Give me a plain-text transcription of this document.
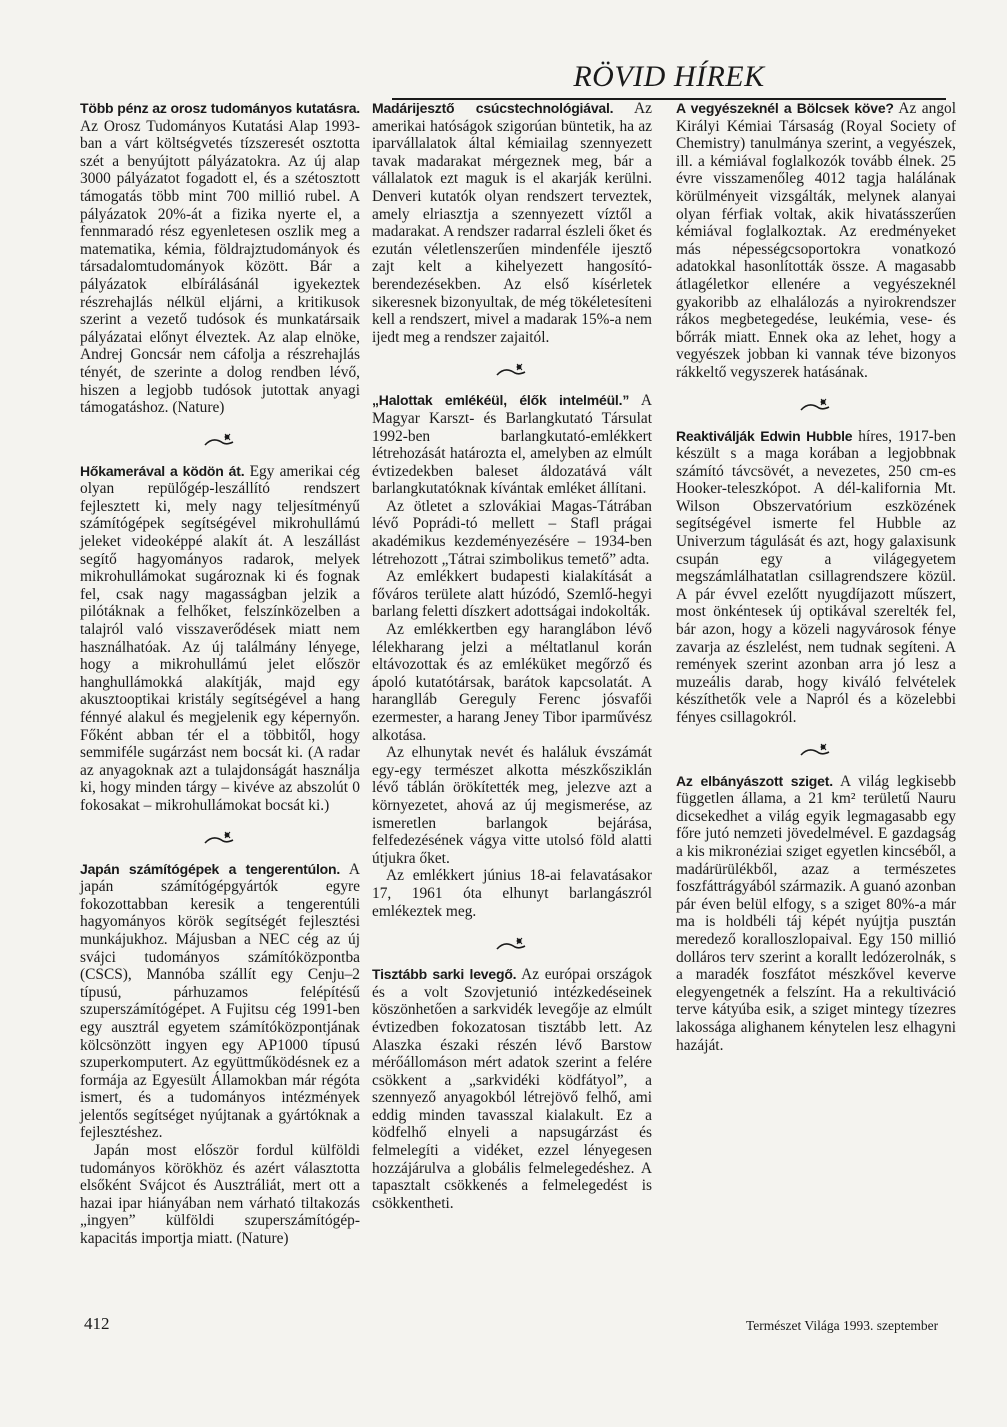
RÖVID HÍREK

Több pénz az orosz tudományos kutatásra. Az Orosz Tudományos Kutatási Alap 1993-ban a várt költségvetés tízszeresét osztotta szét a benyújtott pályázatokra. Az új alap 3000 pályázatot fogadott el, és a szétosztott támogatás több mint 700 millió rubel. A pályázatok 20%-át a fizika nyerte el, a fennmaradó rész egyenletesen oszlik meg a matematika, kémia, földrajztudományok és társadalomtudományok között. Bár a pályázatok elbírálásánál igyekeztek részrehajlás nélkül eljárni, a kritikusok szerint a vezető tudósok és munkatársaik pályázatai előnyt élveztek. Az alap elnöke, Andrej Goncsár nem cáfolja a részrehajlás tényét, de szerinte a dolog rendben lévő, hiszen a legjobb tudósok jutottak anyagi támogatáshoz. (Nature)

Hőkamerával a ködön át. Egy amerikai cég olyan repülőgép-leszállító rendszert fejlesztett ki, mely nagy teljesítményű számítógépek segítségével mikrohullámú jeleket videoképpé alakít át. A leszállást segítő hagyományos radarok, melyek mikrohullámokat sugároznak ki és fognak fel, csak nagy magasságban jelzik a pilótáknak a felhőket, felszínközelben a talajról való visszaverődések miatt nem használhatóak. Az új találmány lényege, hogy a mikrohullámú jelet először hanghullámokká alakítják, majd egy akusztooptikai kristály segítségével a hang fénnyé alakul és megjelenik egy képernyőn. Főként abban tér el a többitől, hogy semmiféle sugárzást nem bocsát ki. (A radar az anyagoknak azt a tulajdonságát használja ki, hogy minden tárgy – kivéve az abszolút 0 fokosakat – mikrohullámokat bocsát ki.)

Japán számítógépek a tengerentúlon. A japán számítógépgyártók egyre fokozottabban keresik a tengerentúli hagyományos körök segítségét fejlesztési munkájukhoz. Májusban a NEC cég az új svájci tudományos számítóközpontba (CSCS), Mannóba szállít egy Cenju–2 típusú, párhuzamos felépítésű szuperszámítógépet. A Fujitsu cég 1991-ben egy ausztrál egyetem számítóközpontjának kölcsönzött ingyen egy AP1000 típusú szuperkomputert. Az együttműködésnek ez a formája az Egyesült Államokban már régóta ismert, és a tudományos intézmények jelentős segítséget nyújtanak a gyártóknak a fejlesztéshez.

Japán most először fordul külföldi tudományos körökhöz és azért választotta elsőként Svájcot és Ausztráliát, mert ott a hazai ipar hiányában nem várható tiltakozás „ingyen” külföldi szuperszámítógép-kapacitás importja miatt. (Nature)

Madárijesztő csúcstechnológiával. Az amerikai hatóságok szigorúan büntetik, ha az iparvállalatok által kémiailag szennyezett tavak madarakat mérgeznek meg, bár a vállalatok ezt maguk is el akarják kerülni. Denveri kutatók olyan rendszert terveztek, amely elriasztja a szennyezett víztől a madarakat. A rendszer radarral észleli őket és ezután véletlenszerűen mindenféle ijesztő zajt kelt a kihelyezett hangosító-berendezésekben. Az első kísérletek sikeresnek bizonyultak, de még tökéletesíteni kell a rendszert, mivel a madarak 15%-a nem ijedt meg a rendszer zajaitól.

„Halottak emlékéül, élők intelméül.” A Magyar Karszt- és Barlangkutató Társulat 1992-ben barlangkutató-emlékkert létrehozását határozta el, amelyben az elmúlt évtizedekben baleset áldozatává vált barlangkutatóknak kívántak emléket állítani.

Az ötletet a szlovákiai Magas-Tátrában lévő Poprádi-tó mellett – Stafl prágai akadémikus kezdeményezésére – 1934-ben létrehozott „Tátrai szimbolikus temető” adta.

Az emlékkert budapesti kialakítását a főváros területe alatt húzódó, Szemlő-hegyi barlang feletti díszkert adottságai indokolták.

Az emlékkertben egy haranglábon lévő lélekharang jelzi a méltatlanul korán eltávozottak és az emléküket megőrző és ápoló kutatótársak, barátok kapcsolatát. A haranglláb Gereguly Ferenc jósvafői ezermester, a harang Jeney Tibor iparművész alkotása.

Az elhunytak nevét és haláluk évszámát egy-egy természet alkotta mészkősziklán lévő táblán örökítették meg, jelezve azt a környezetet, ahová az új megismerése, az ismeretlen barlangok bejárása, felfedezésének vágya vitte utolsó föld alatti útjukra őket.

Az emlékkert június 18-ai felavatásakor 17, 1961 óta elhunyt barlangászról emlékeztek meg.

Tisztább sarki levegő. Az európai országok és a volt Szovjetunió intézkedéseinek köszönhetően a sarkvidék levegője az elmúlt évtizedben fokozatosan tisztább lett. Az Alaszka északi részén lévő Barstow mérőállomáson mért adatok szerint a felére csökkent a „sarkvidéki ködfátyol”, a szennyező anyagokból létrejövő felhő, ami eddig minden tavasszal kialakult. Ez a ködfelhő elnyeli a napsugárzást és felmelegíti a vidéket, ezzel lényegesen hozzájárulva a globális felmelegedéshez. A tapasztalt csökkenés a felmelegedést is csökkentheti.

A vegyészeknél a Bölcsek köve? Az angol Királyi Kémiai Társaság (Royal Society of Chemistry) tanulmánya szerint, a vegyészek, ill. a kémiával foglalkozók tovább élnek. 25 évre visszamenőleg 4012 tagja halálának körülményeit vizsgálták, melynek alanyai olyan férfiak voltak, akik hivatásszerűen kémiával foglalkoztak. Az eredményeket más népességcsoportokra vonatkozó adatokkal hasonlították össze. A magasabb átlagéletkor ellenére a vegyészeknél gyakoribb az elhalálozás a nyirokrendszer rákos megbetegedése, leukémia, vese- és bőrrák miatt. Ennek oka az lehet, hogy a vegyészek jobban ki vannak téve bizonyos rákkeltő vegyszerek hatásának.

Reaktiválják Edwin Hubble híres, 1917-ben készült s a maga korában a legjobbnak számító távcsövét, a nevezetes, 250 cm-es Hooker-teleszkópot. A dél-kalifornia Mt. Wilson Obszervatórium eszközének segítségével ismerte fel Hubble az Univerzum tágulását és azt, hogy galaxisunk csupán egy a világegyetem megszámlálhatatlan csillagrendszere közül. A pár évvel ezelőtt nyugdíjazott műszert, most önkéntesek új optikával szerelték fel, bár azon, hogy a közeli nagyvárosok fénye zavarja az észlelést, nem tudnak segíteni. A remények szerint azonban arra jó lesz a muzeális darab, hogy kiváló felvételek készíthetők vele a Napról és a közelebbi fényes csillagokról.

Az elbányászott sziget. A világ legkisebb független állama, a 21 km² területű Nauru dicsekedhet a világ egyik legmagasabb egy főre jutó nemzeti jövedelmével. E gazdagság a kis mikronéziai sziget egyetlen kincséből, a madárürülékből, azaz a természetes foszfáttrágyából származik. A guanó azonban pár éven belül elfogy, s a sziget 80%-a már ma is holdbéli táj képét nyújtja pusztán meredező koralloszlopaival. Egy 150 millió dolláros terv szerint a korallt ledózerolnák, s a maradék foszfátot mészkővel keverve elegyengetnék a felszínt. Ha a rekultiváció terve kátyúba esik, a sziget mintegy tízezres lakossága alighanem kénytelen lesz elhagyni hazáját.

412	Természet Világa 1993. szeptember
